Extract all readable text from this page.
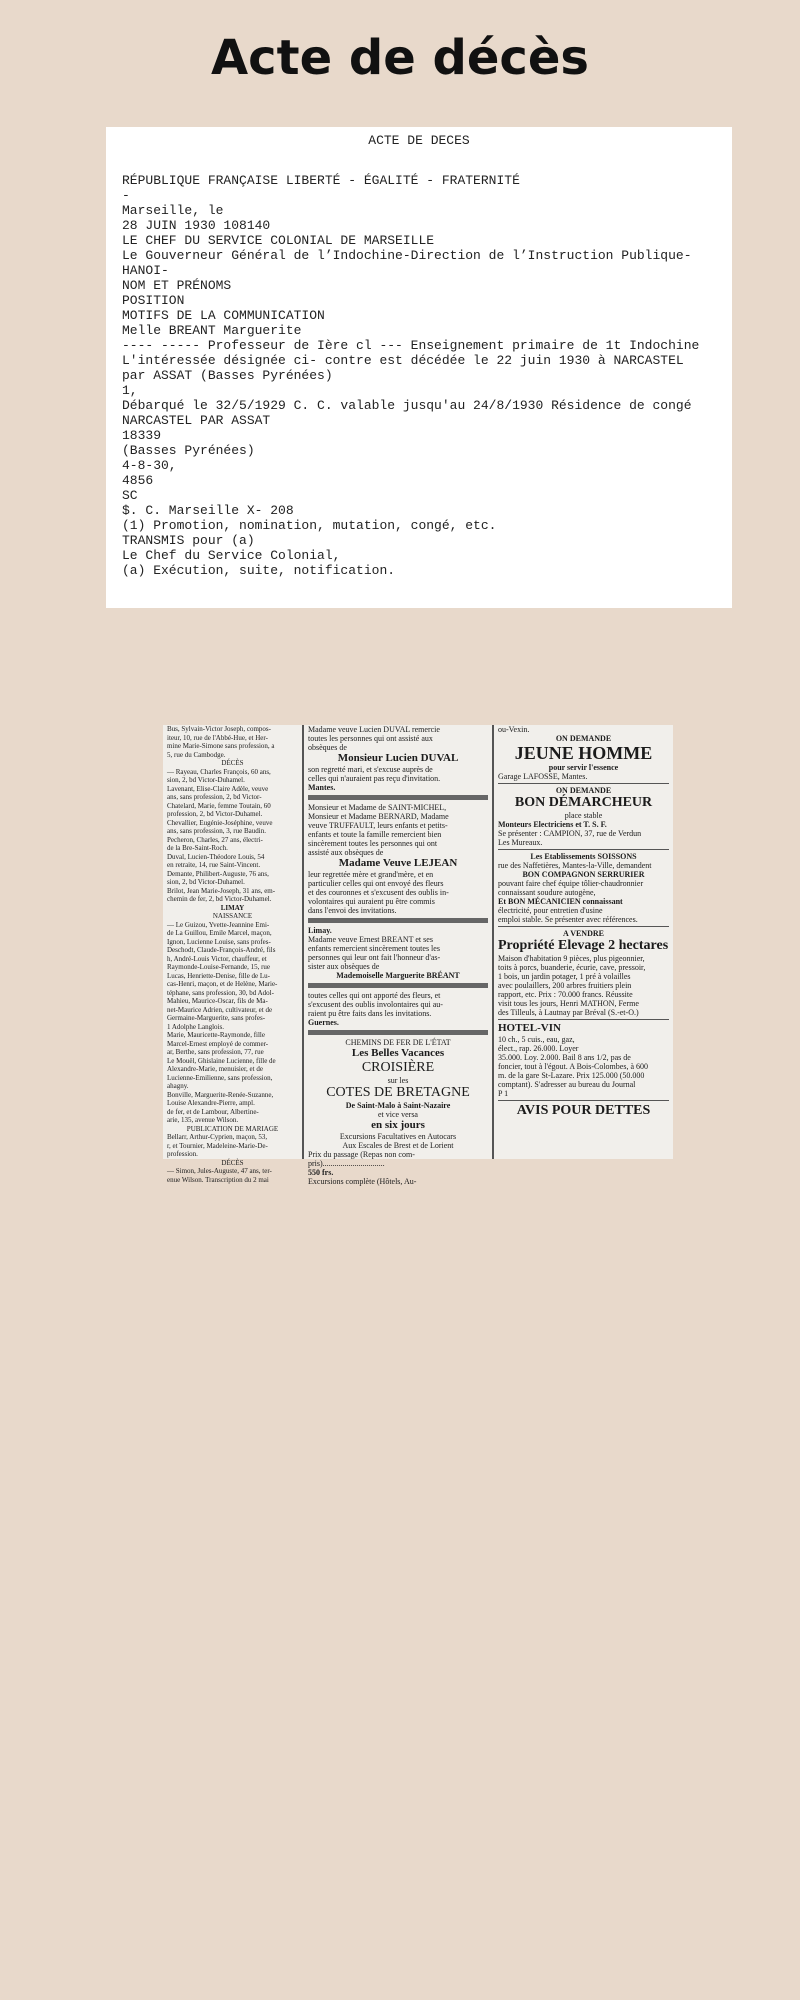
Acte de décès
ACTE DE DECES
RÉPUBLIQUE FRANÇAISE LIBERTÉ - ÉGALITÉ - FRATERNITÉ
-
Marseille, le
28 JUIN 1930 108140
LE CHEF DU SERVICE COLONIAL DE MARSEILLE
Le Gouverneur Général de l’Indochine-Direction de l’Instruction Publique-
HANOI-
NOM ET PRÉNOMS
POSITION
MOTIFS DE LA COMMUNICATION
Melle BREANT Marguerite
---- ----- Professeur de Ière cl --- Enseignement primaire de 1t Indochine
L'intéressée désignée ci- contre est décédée le 22 juin 1930 à NARCASTEL
par ASSAT (Basses Pyrénées)
1,
Débarqué le 32/5/1929 C. C. valable jusqu'au 24/8/1930 Résidence de congé
NARCASTEL PAR ASSAT
18339
(Basses Pyrénées)
4-8-30,
4856
SC
$. C. Marseille X- 208
(1) Promotion, nomination, mutation, congé, etc.
TRANSMIS pour (a)
Le Chef du Service Colonial,
(a) Exécution, suite, notification.
Bus, Sylvain-Victor Joseph, compos-
iteur, 10, rue de l'Abbé-Hue, et Her-
mine Marie-Simone sans profession, a
5, rue du Cambodge.
DÉCÈS
— Rayeau, Charles François, 60 ans,
sion, 2, bd Victor-Duhamel.
Lavenant, Elise-Claire Adèle, veuve
ans, sans profession, 2, bd Victor-
Chatelard, Marie, femme Toutain, 60
profession, 2, bd Victor-Duhamel.
Chevallier, Eugénie-Joséphine, veuve
ans, sans profession, 3, rue Baudin.
Pecheron, Charles, 27 ans, électri-
de la Bre-Saint-Roch.
Duval, Lucien-Théodore Louis, 54
en retraite, 14, rue Saint-Vincent.
Demante, Philibert-Auguste, 76 ans,
sion, 2, bd Victor-Duhamel.
Brilot, Jean Marie-Joseph, 31 ans, em-
chemin de fer, 2, bd Victor-Duhamel.
LIMAY
NAISSANCE
— Le Guizou, Yvette-Jeannine Emi-
de La Guillou, Emile Marcel, maçon,
Ignon, Lucienne Louise, sans profes-
Deschodt, Claude-François-André, fils
h, André-Louis Victor, chauffeur, et
Raymonde-Louise-Fernande, 15, rue
Lucas, Henriette-Denise, fille de Lu-
cas-Henri, maçon, et de Helène, Marie-
téphane, sans profession, 30, bd Adol-
Mahieu, Maurice-Oscar, fils de Ma-
net-Maurice Adrien, cultivateur, et de
Germaine-Marguerite, sans profes-
1 Adolphe Langlois.
Marie, Mauricette-Raymonde, fille
Marcel-Ernest employé de commer-
ar, Berthe, sans profession, 77, rue
Le Mouël, Ghislaine Lucienne, fille de
Alexandre-Marie, menuisier, et de
Lucienne-Emilienne, sans profession,
ahagny.
Bonville, Marguerite-Renée-Suzanne,
Louise Alexandre-Pierre, ampl.
de fer, et de Lambour, Albertine-
arie, 135, avenue Wilson.
PUBLICATION DE MARIAGE
Bellarr, Arthur-Cyprien, maçon, 53,
r, et Tournier, Madeleine-Marie-De-
profession.
DÉCÈS
— Simon, Jules-Auguste, 47 ans, ter-
enue Wilson. Transcription du 2 mai
Madame veuve Lucien DUVAL remercie
toutes les personnes qui ont assisté aux
obsèques de
Monsieur Lucien DUVAL
son regretté mari, et s'excuse auprès de
celles qui n'auraient pas reçu d'invitation.
Mantes.
Monsieur et Madame de SAINT-MICHEL,
Monsieur et Madame BERNARD, Madame
veuve TRUFFAULT, leurs enfants et petits-
enfants et toute la famille remercient bien
sincèrement toutes les personnes qui ont
assisté aux obsèques de
Madame Veuve LEJEAN
leur regrettée mère et grand'mère, et en
particulier celles qui ont envoyé des fleurs
et des couronnes et s'excusent des oublis in-
volontaires qui auraient pu être commis
dans l'envoi des invitations.
Limay.
Madame veuve Ernest BREANT et ses
enfants remercient sincèrement toutes les
personnes qui leur ont fait l'honneur d'as-
sister aux obsèques de
Mademoiselle Marguerite BRÉANT
toutes celles qui ont apporté des fleurs, et
s'excusent des oublis involontaires qui au-
raient pu être faits dans les invitations.
Guernes.
CHEMINS DE FER DE L'ÉTAT
Les Belles Vacances
CROISIÈRE
sur les
COTES DE BRETAGNE
De Saint-Malo à Saint-Nazaire
et vice versa
en six jours
Excursions Facultatives en Autocars
Aux Escales de Brest et de Lorient
Prix du passage (Repas non com-
pris)...............................
550 frs.
Excursions complète (Hôtels, Au-
ou-Vexin.
ON DEMANDE
JEUNE HOMME
pour servir l'essence
Garage LAFOSSE, Mantes.
ON DEMANDE
BON DÉMARCHEUR
place stable
Monteurs Electriciens et T. S. F.
Se présenter : CAMPION, 37, rue de Verdun
Les Mureaux.
Les Etablissements SOISSONS
rue des Naffetières, Mantes-la-Ville, demandent
BON COMPAGNON SERRURIER
pouvant faire chef équipe tôlier-chaudronnier
connaissant soudure autogène,
Et BON MÉCANICIEN connaissant
électricité, pour entretien d'usine
emploi stable. Se présenter avec références.
A VENDRE
Propriété Elevage 2 hectares
Maison d'habitation 9 pièces, plus pigeonnier,
toits à porcs, buanderie, écurie, cave, pressoir,
1 bois, un jardin potager, 1 pré à volailles
avec poulaillers, 200 arbres fruitiers plein
rapport, etc. Prix : 70.000 francs. Réussite
visit tous les jours, Henri MATHON, Ferme
des Tilleuls, à Lautnay par Bréval (S.-et-O.)
HOTEL-VIN
10 ch., 5 cuis., eau, gaz,
élect., rap. 26.000. Loyer
35.000. Loy. 2.000. Bail 8 ans 1/2, pas de
foncier, tout à l'égout. A Bois-Colombes, à 600
m. de la gare St-Lazare. Prix 125.000 (50.000
comptant). S'adresser au bureau du Journal
P 1
AVIS POUR DETTES
